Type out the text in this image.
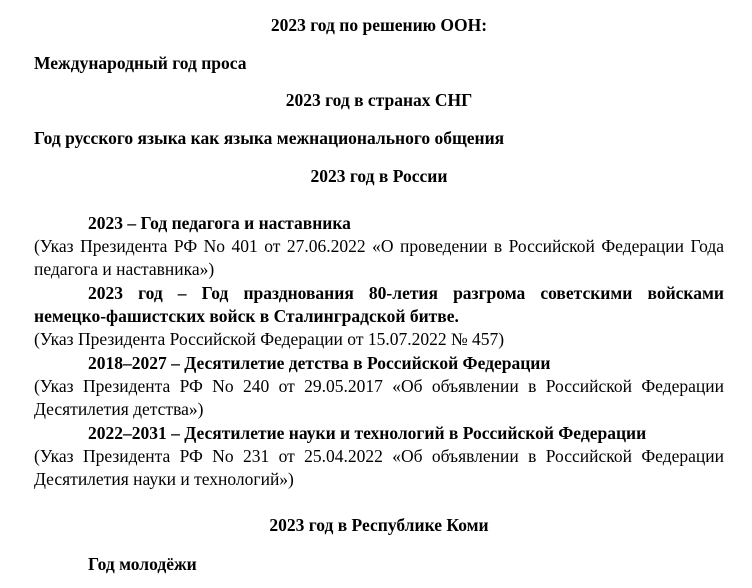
2023 год по решению ООН:
Международный год проса
2023 год в странах СНГ
Год русского языка как языка межнационального общения
2023 год в России
2023 – Год педагога и наставника
(Указ Президента РФ No 401 от 27.06.2022 «О проведении в Российской Федерации Года
педагога и наставника»)
2023 год – Год празднования 80-летия разгрома советскими войсками
немецко-фашистских войск в Сталинградской битве.
(Указ Президента Российской Федерации от 15.07.2022 № 457)
2018–2027 – Десятилетие детства в Российской Федерации
(Указ Президента РФ No 240 от 29.05.2017 «Об объявлении в Российской Федерации
Десятилетия детства»)
2022–2031 – Десятилетие науки и технологий в Российской Федерации
(Указ Президента РФ No 231 от 25.04.2022 «Об объявлении в Российской Федерации
Десятилетия науки и технологий»)
2023 год в Республике Коми
Год молодёжи
